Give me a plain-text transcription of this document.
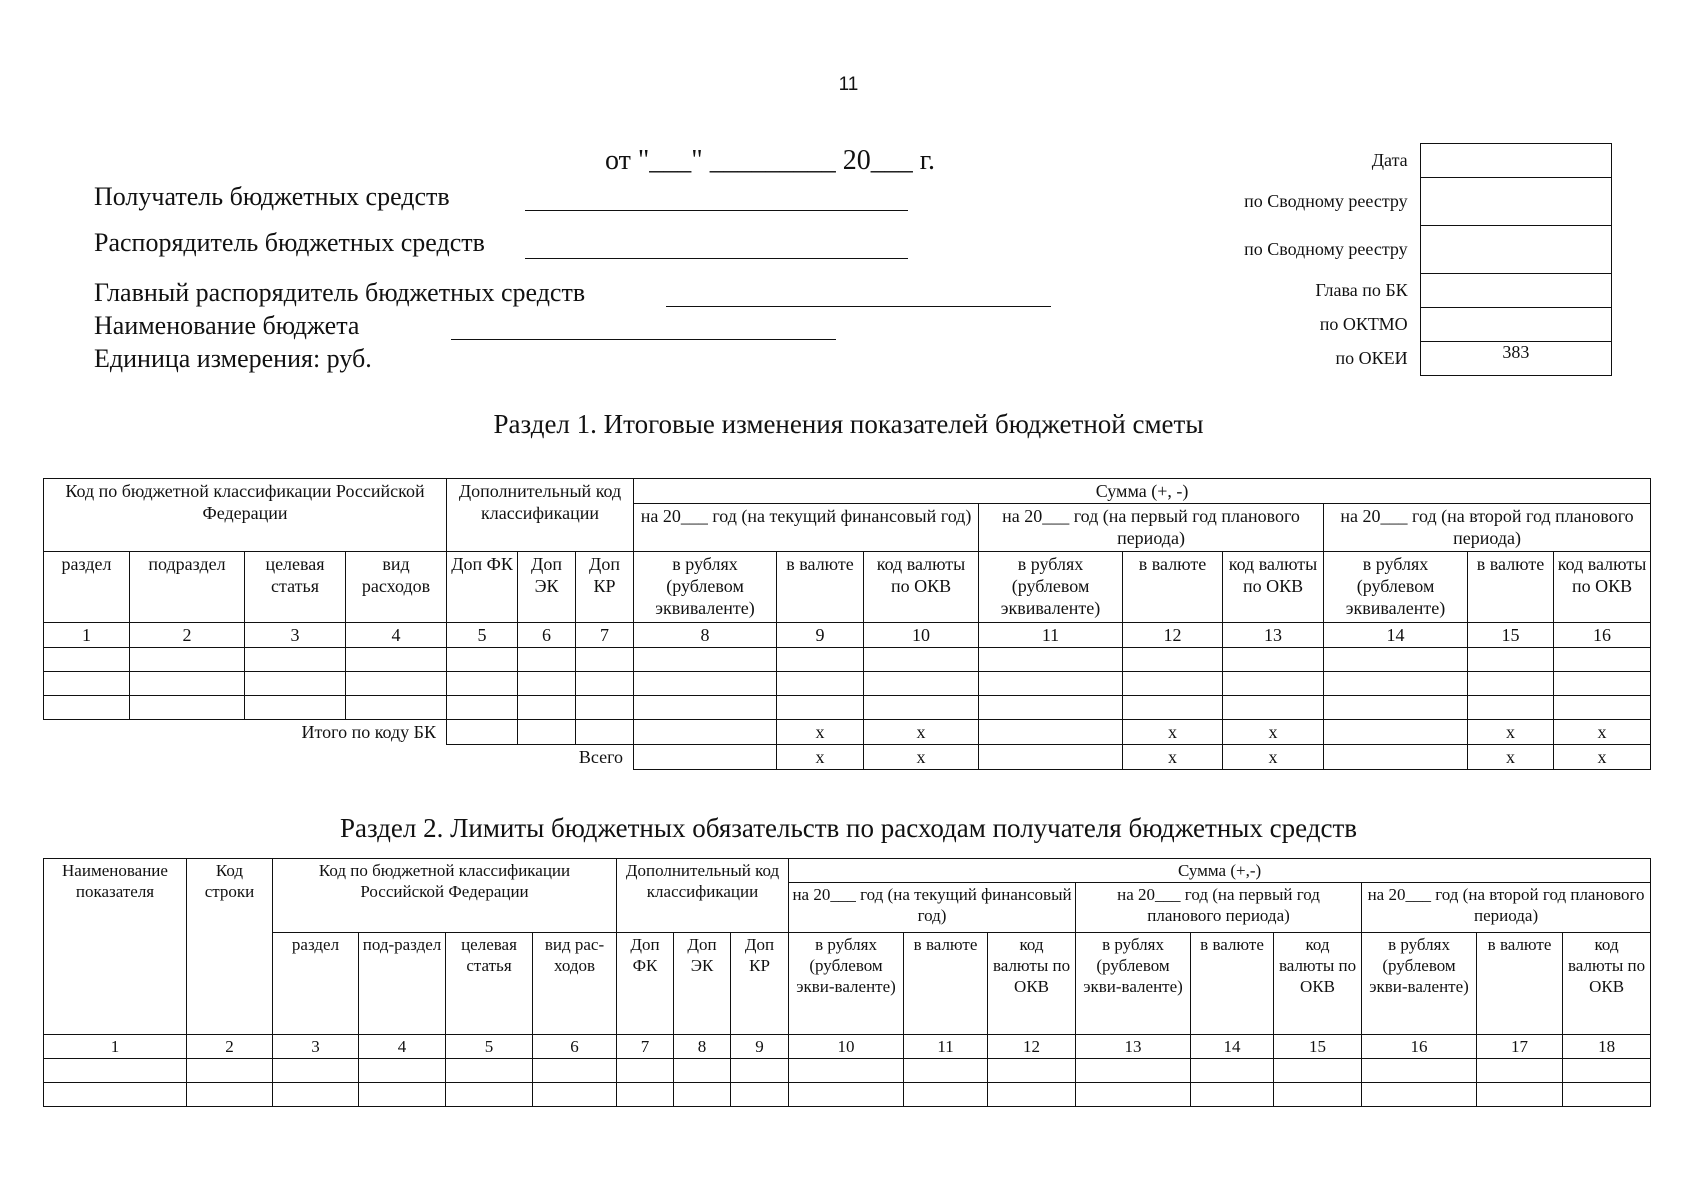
11
от "___" _________ 20___ г.
Получатель бюджетных средств
Распорядитель бюджетных средств
Главный распорядитель бюджетных средств
Наименование бюджета
Единица измерения: руб.
Дата	
по Сводному реестру	
по Сводному реестру	
Глава по БК	
по ОКТМО	
по ОКЕИ	383
Раздел 1. Итоговые изменения показателей бюджетной сметы
Код по бюджетной классификации Российской Федерации				Дополнительный код классификации			Сумма (+, -)								
							на 20___ год (на текущий финансовый год)			на 20___ год (на первый год планового периода)			на 20___ год (на второй год планового периода)		
раздел	подраздел	целевая статья	вид расходов	Доп ФК	Доп ЭК	Доп КР	в рублях (рублевом эквиваленте)	в валюте	код валюты по ОКВ	в рублях (рублевом эквиваленте)	в валюте	код валюты по ОКВ	в рублях (рублевом эквиваленте)	в валюте	код валюты по ОКВ
1	2	3	4	5	6	7	8	9	10	11	12	13	14	15	16

Итого по коду БК								x	x		x	x		x	x
Всего								x	x		x	x		x	x
Раздел 2. Лимиты бюджетных обязательств по расходам получателя бюджетных средств
Наименование показателя	Код строки	Код по бюджетной классификации Российской Федерации				Дополнительный код классификации			Сумма (+,-)								
									на 20___ год (на текущий финансовый год)			на 20___ год (на первый год планового периода)			на 20___ год (на второй год планового периода)		
		раздел	под-раздел	целевая статья	вид рас-ходов	Доп ФК	Доп ЭК	Доп КР	в рублях (рублевом экви-валенте)	в валюте	код валюты по ОКВ	в рублях (рублевом экви-валенте)	в валюте	код валюты по ОКВ	в рублях (рублевом экви-валенте)	в валюте	код валюты по ОКВ
1	2	3	4	5	6	7	8	9	10	11	12	13	14	15	16	17	18
